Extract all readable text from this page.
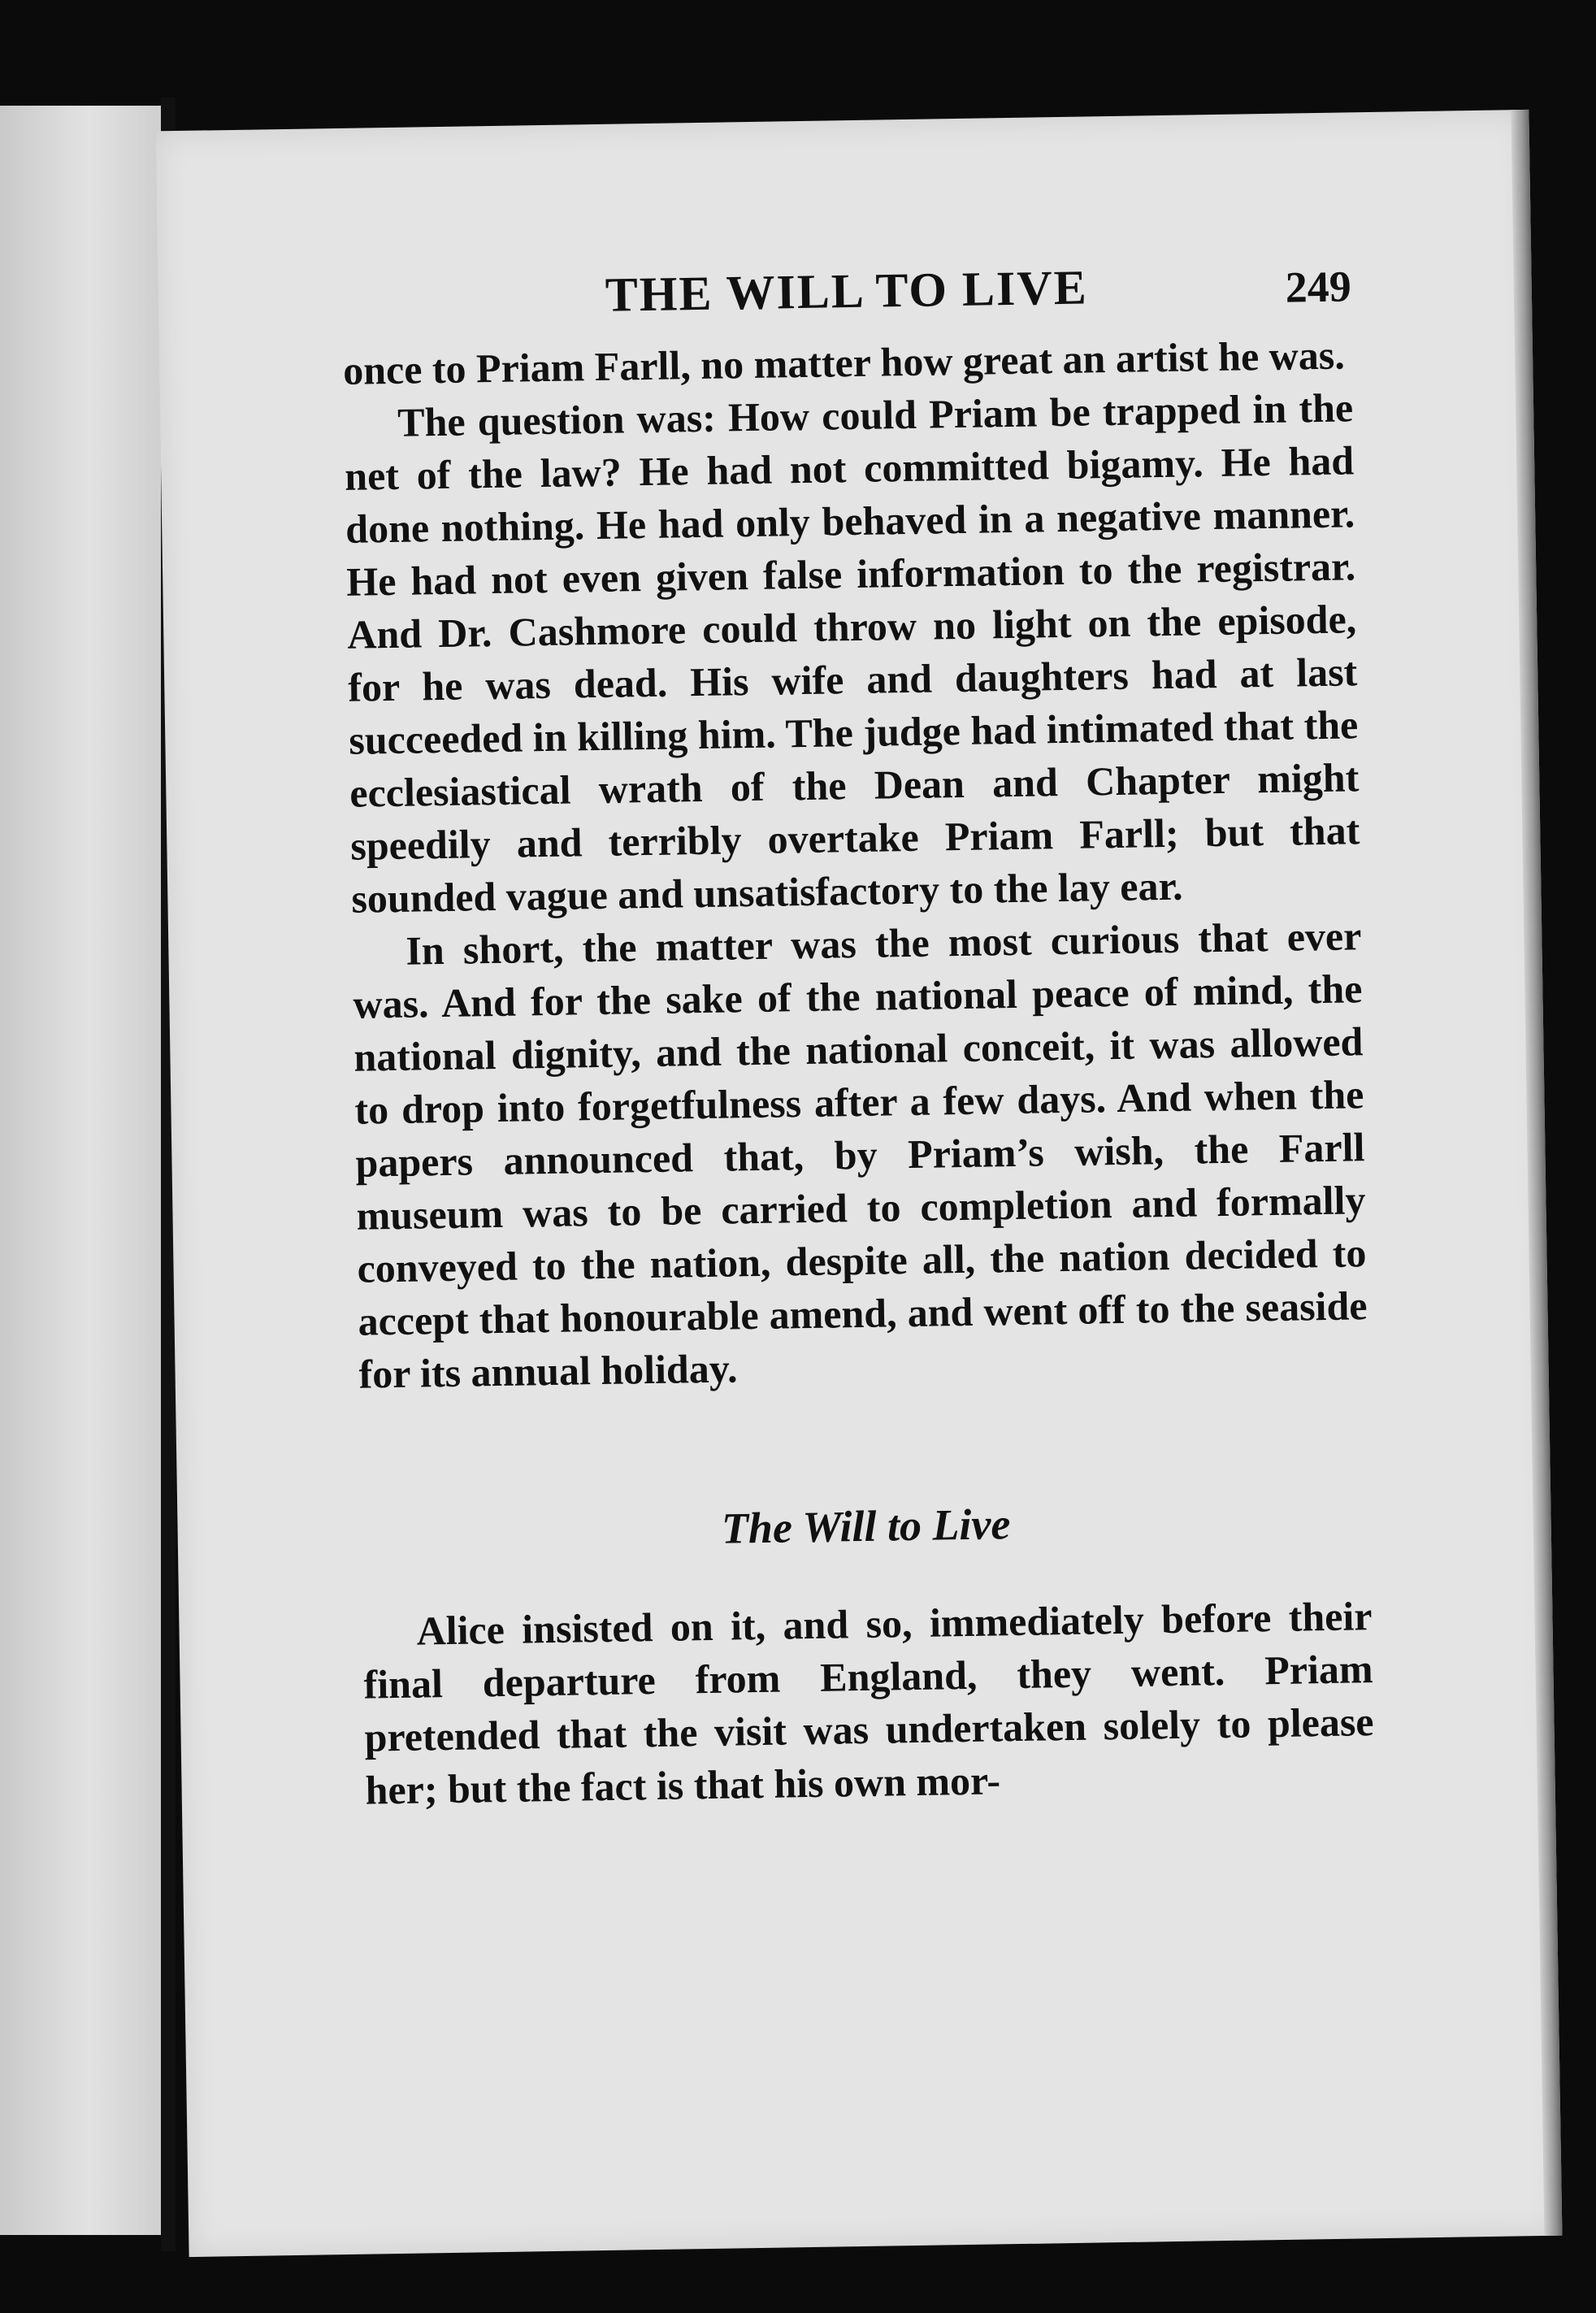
THE WILL TO LIVE	249

once to Priam Farll, no matter how great an artist he was.

The question was: How could Priam be trapped in the net of the law? He had not committed bigamy. He had done nothing. He had only behaved in a negative manner. He had not even given false information to the registrar. And Dr. Cashmore could throw no light on the episode, for he was dead. His wife and daughters had at last succeeded in killing him. The judge had intimated that the ecclesiastical wrath of the Dean and Chapter might speedily and terribly overtake Priam Farll; but that sounded vague and unsatisfactory to the lay ear.

In short, the matter was the most curious that ever was. And for the sake of the national peace of mind, the national dignity, and the national conceit, it was allowed to drop into forgetfulness after a few days. And when the papers announced that, by Priam’s wish, the Farll museum was to be carried to completion and formally conveyed to the nation, despite all, the nation decided to accept that honourable amend, and went off to the seaside for its annual holiday.

The Will to Live

Alice insisted on it, and so, immediately before their final departure from England, they went. Priam pretended that the visit was undertaken solely to please her; but the fact is that his own mor-
